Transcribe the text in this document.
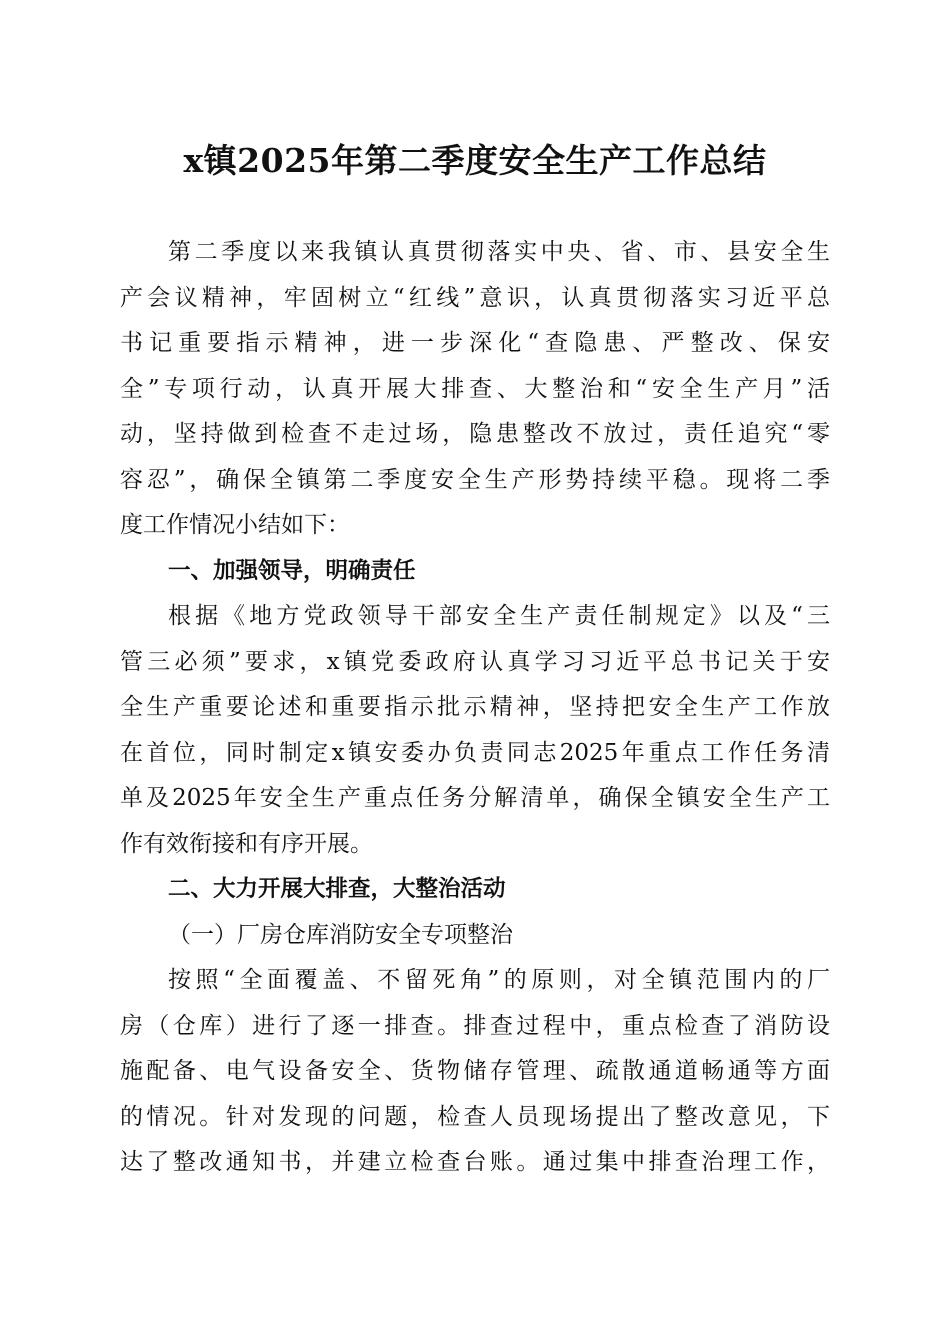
x镇2025年第二季度安全生产工作总结
第二季度以来我镇认真贯彻落实中央、省、市、县安全生
产会议精神，牢固树立“红线”意识，认真贯彻落实习近平总
书记重要指示精神，进一步深化“查隐患、严整改、保安
全”专项行动，认真开展大排查、大整治和“安全生产月”活
动，坚持做到检查不走过场，隐患整改不放过，责任追究“零
容忍”，确保全镇第二季度安全生产形势持续平稳。现将二季
度工作情况小结如下：
一、加强领导，明确责任
根据《地方党政领导干部安全生产责任制规定》以及“三
管三必须”要求，x镇党委政府认真学习习近平总书记关于安
全生产重要论述和重要指示批示精神，坚持把安全生产工作放
在首位，同时制定x镇安委办负责同志2025年重点工作任务清
单及2025年安全生产重点任务分解清单，确保全镇安全生产工
作有效衔接和有序开展。
二、大力开展大排查，大整治活动
（一）厂房仓库消防安全专项整治
按照“全面覆盖、不留死角”的原则，对全镇范围内的厂
房（仓库）进行了逐一排查。排查过程中，重点检查了消防设
施配备、电气设备安全、货物储存管理、疏散通道畅通等方面
的情况。针对发现的问题，检查人员现场提出了整改意见，下
达了整改通知书，并建立检查台账。通过集中排查治理工作，
